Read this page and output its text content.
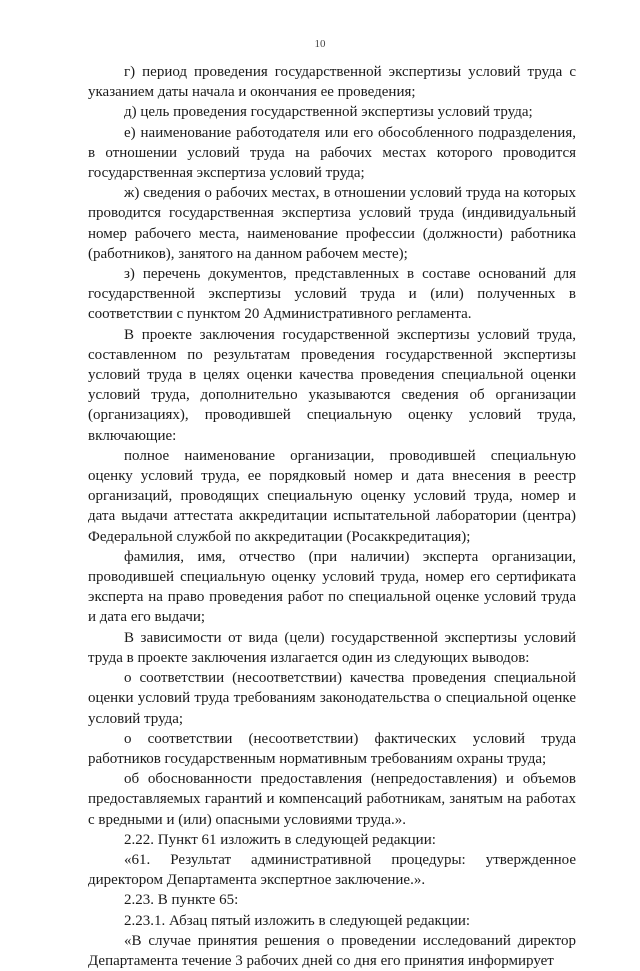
10

г) период проведения государственной экспертизы условий труда с указанием даты начала и окончания ее проведения;

д) цель проведения государственной экспертизы условий труда;

е) наименование работодателя или его обособленного подразделения, в отношении условий труда на рабочих местах которого проводится государственная экспертиза условий труда;

ж) сведения о рабочих местах, в отношении условий труда на которых проводится государственная экспертиза условий труда (индивидуальный номер рабочего места, наименование профессии (должности) работника (работников), занятого на данном рабочем месте);

з) перечень документов, представленных в составе оснований для государственной экспертизы условий труда и (или) полученных в соответствии с пунктом 20 Административного регламента.

В проекте заключения государственной экспертизы условий труда, составленном по результатам проведения государственной экспертизы условий труда в целях оценки качества проведения специальной оценки условий труда, дополнительно указываются сведения об организации (организациях), проводившей специальную оценку условий труда, включающие:

полное наименование организации, проводившей специальную оценку условий труда, ее порядковый номер и дата внесения в реестр организаций, проводящих специальную оценку условий труда, номер и дата выдачи аттестата аккредитации испытательной лаборатории (центра) Федеральной службой по аккредитации (Росаккредитация);

фамилия, имя, отчество (при наличии) эксперта организации, проводившей специальную оценку условий труда, номер его сертификата эксперта на право проведения работ по специальной оценке условий труда и дата его выдачи;

В зависимости от вида (цели) государственной экспертизы условий труда в проекте заключения излагается один из следующих выводов:

о соответствии (несоответствии) качества проведения специальной оценки условий труда требованиям законодательства о специальной оценке условий труда;

о соответствии (несоответствии) фактических условий труда работников государственным нормативным требованиям охраны труда;

об обоснованности предоставления (непредоставления) и объемов предоставляемых гарантий и компенсаций работникам, занятым на работах с вредными и (или) опасными условиями труда.».

2.22. Пункт 61 изложить в следующей редакции:

«61. Результат административной процедуры: утвержденное директором Департамента экспертное заключение.».

2.23. В пункте 65:

2.23.1. Абзац пятый изложить в следующей редакции:

«В случае принятия решения о проведении исследований директор Департамента течение 3 рабочих дней со дня его принятия информирует
